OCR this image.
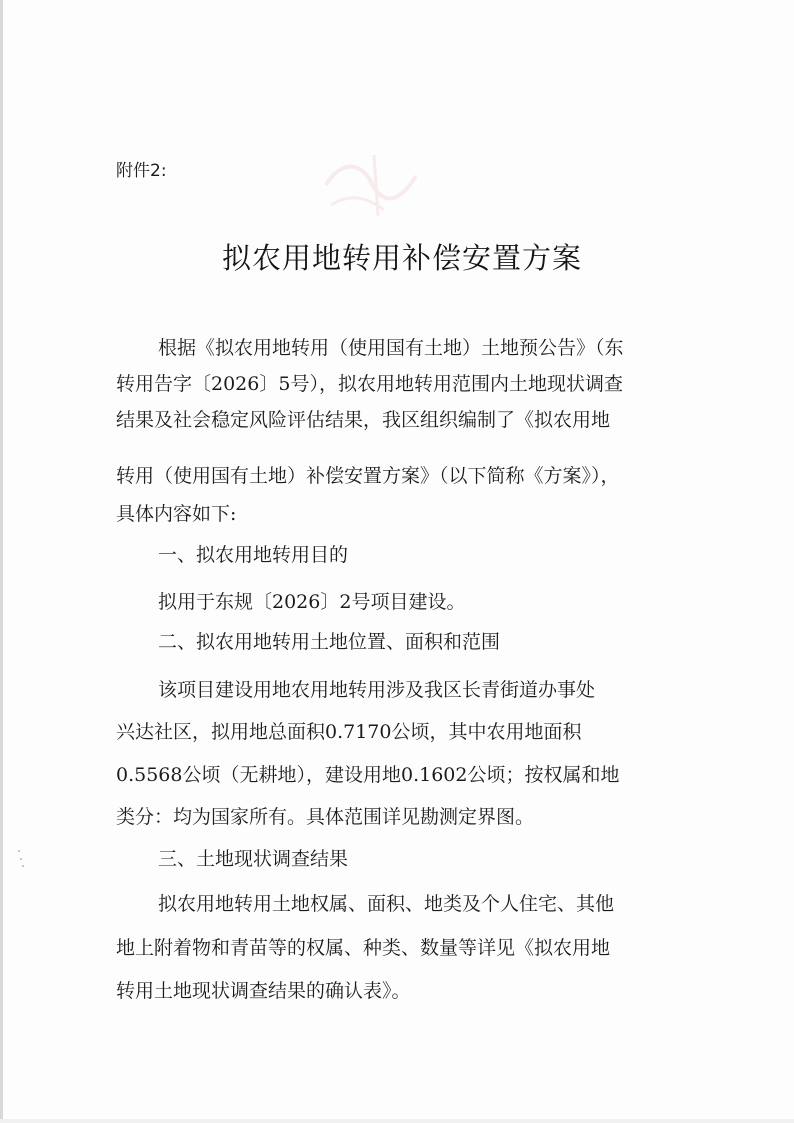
附件2:
拟农用地转用补偿安置方案
根据《拟农用地转用（使用国有土地）土地预公告》（东
转用告字〔2026〕5号），拟农用地转用范围内土地现状调查
结果及社会稳定风险评估结果，我区组织编制了《拟农用地
转用（使用国有土地）补偿安置方案》（以下简称《方案》），
具体内容如下:
一、拟农用地转用目的
拟用于东规〔2026〕2号项目建设。
二、拟农用地转用土地位置、面积和范围
该项目建设用地农用地转用涉及我区长青街道办事处
兴达社区，拟用地总面积0.7170公顷，其中农用地面积
0.5568公顷（无耕地），建设用地0.1602公顷；按权属和地
类分：均为国家所有。具体范围详见勘测定界图。
三、土地现状调查结果
拟农用地转用土地权属、面积、地类及个人住宅、其他
地上附着物和青苗等的权属、种类、数量等详见《拟农用地
转用土地现状调查结果的确认表》。
